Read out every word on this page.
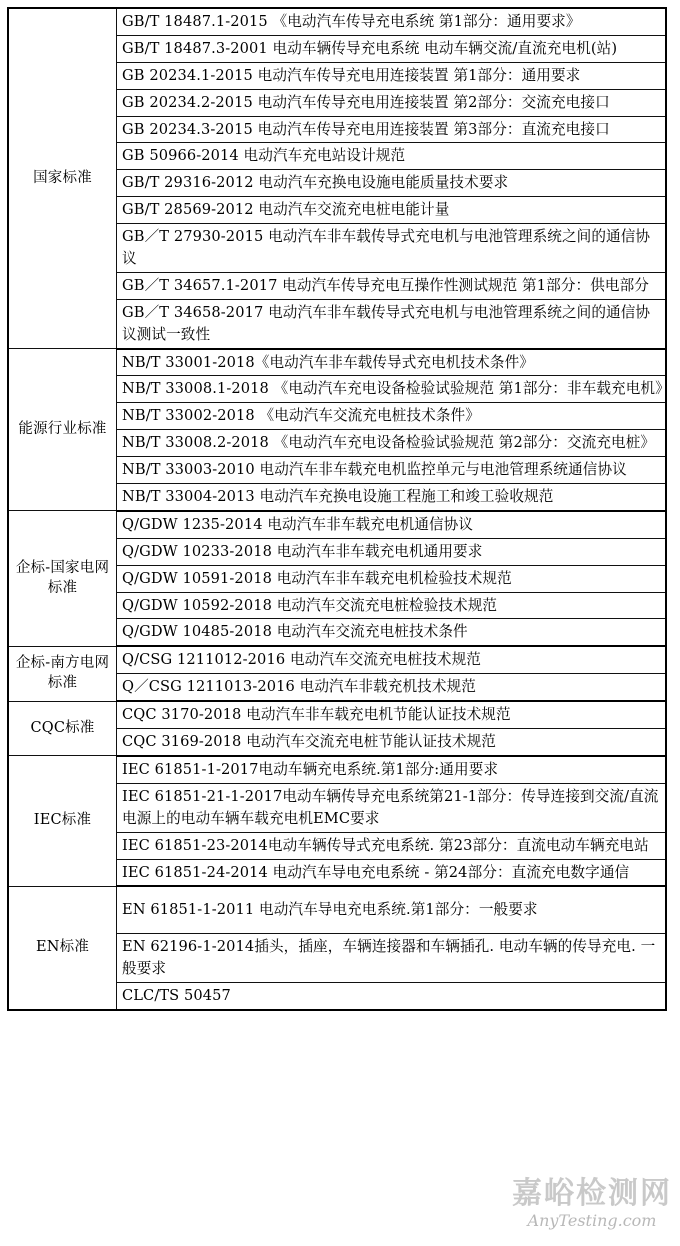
国家标准	GB/T 18487.1-2015 《电动汽车传导充电系统 第1部分：通用要求》
	GB/T 18487.3-2001 电动车辆传导充电系统 电动车辆交流/直流充电机(站)
	GB 20234.1-2015 电动汽车传导充电用连接装置 第1部分：通用要求
	GB 20234.2-2015 电动汽车传导充电用连接装置 第2部分：交流充电接口
	GB 20234.3-2015 电动汽车传导充电用连接装置 第3部分：直流充电接口
	GB 50966-2014 电动汽车充电站设计规范
	GB/T 29316-2012 电动汽车充换电设施电能质量技术要求
	GB/T 28569-2012 电动汽车交流充电桩电能计量
	GB／T 27930-2015 电动汽车非车载传导式充电机与电池管理系统之间的通信协议
	GB／T 34657.1-2017 电动汽车传导充电互操作性测试规范 第1部分：供电部分
	GB／T 34658-2017 电动汽车非车载传导式充电机与电池管理系统之间的通信协议测试一致性
能源行业标准	NB/T 33001-2018《电动汽车非车载传导式充电机技术条件》
	NB/T 33008.1-2018 《电动汽车充电设备检验试验规范 第1部分：非车载充电机》
	NB/T 33002-2018 《电动汽车交流充电桩技术条件》
	NB/T 33008.2-2018 《电动汽车充电设备检验试验规范 第2部分：交流充电桩》
	NB/T 33003-2010 电动汽车非车载充电机监控单元与电池管理系统通信协议
	NB/T 33004-2013 电动汽车充换电设施工程施工和竣工验收规范
企标-国家电网标准	Q/GDW 1235-2014 电动汽车非车载充电机通信协议
	Q/GDW 10233-2018 电动汽车非车载充电机通用要求
	Q/GDW 10591-2018 电动汽车非车载充电机检验技术规范
	Q/GDW 10592-2018 电动汽车交流充电桩检验技术规范
	Q/GDW 10485-2018 电动汽车交流充电桩技术条件
企标-南方电网标准	Q/CSG 1211012-2016 电动汽车交流充电桩技术规范
	Q／CSG 1211013-2016 电动汽车非载充机技术规范
CQC标准	CQC 3170-2018 电动汽车非车载充电机节能认证技术规范
	CQC 3169-2018 电动汽车交流充电桩节能认证技术规范
IEC标准	IEC 61851-1-2017电动车辆充电系统.第1部分:通用要求
	IEC 61851-21-1-2017电动车辆传导充电系统第21-1部分：传导连接到交流/直流电源上的电动车辆车载充电机EMC要求
	IEC 61851-23-2014电动车辆传导式充电系统. 第23部分：直流电动车辆充电站
	IEC 61851-24-2014 电动汽车导电充电系统 - 第24部分：直流充电数字通信
EN标准	EN 61851-1-2011 电动汽车导电充电系统.第1部分：一般要求
	EN 62196-1-2014插头，插座，车辆连接器和车辆插孔. 电动车辆的传导充电. 一般要求
	CLC/TS 50457
嘉峪检测网
AnyTesting.com
